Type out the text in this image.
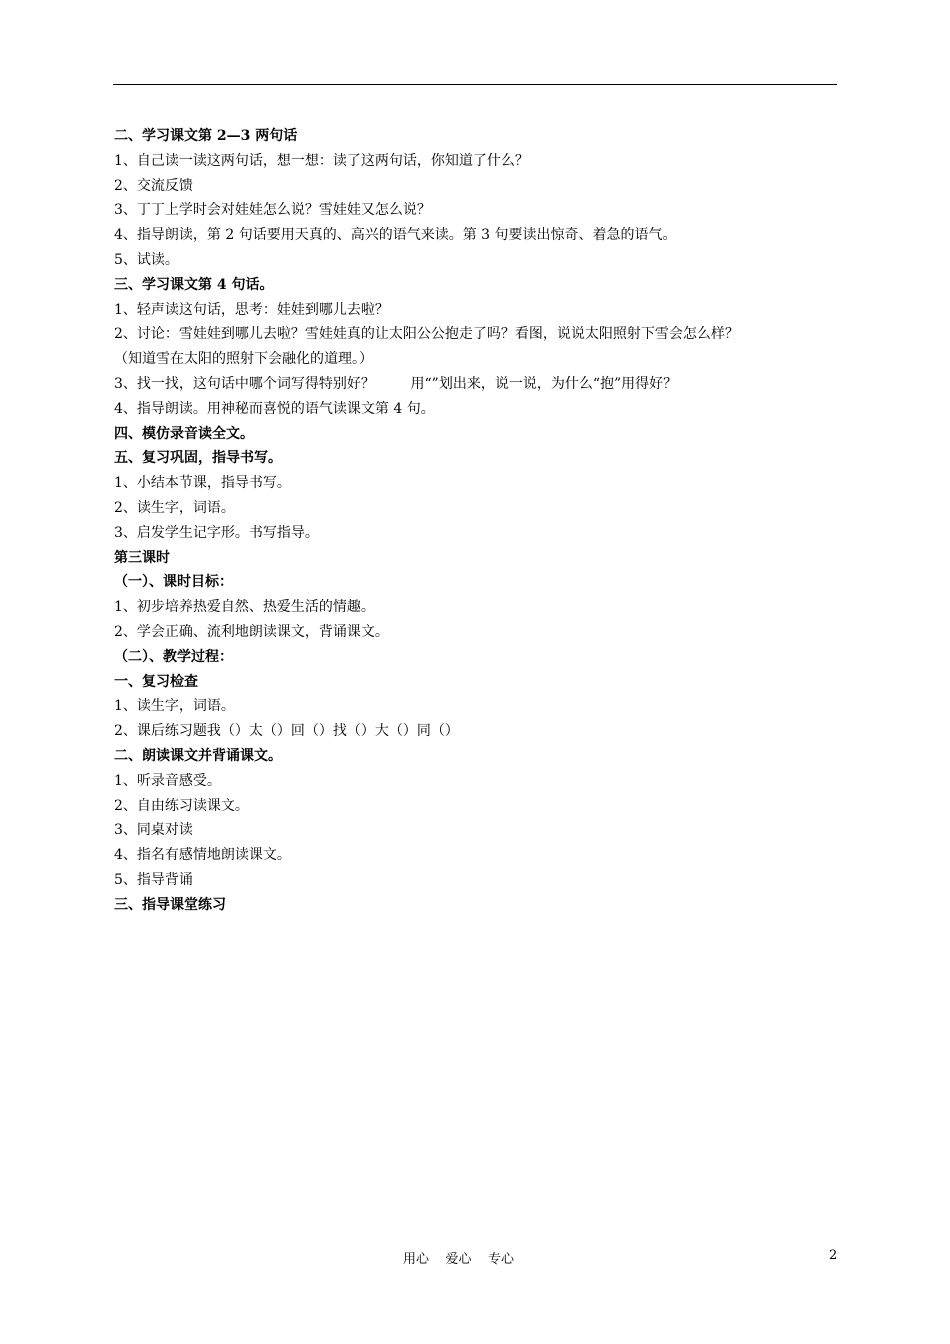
二、学习课文第 2—3 两句话
1、自己读一读这两句话，想一想：读了这两句话，你知道了什么？
2、交流反馈
3、丁丁上学时会对娃娃怎么说？雪娃娃又怎么说？
4、指导朗读，第 2 句话要用天真的、高兴的语气来读。第 3 句要读出惊奇、着急的语气。
5、试读。
三、学习课文第 4 句话。
1、轻声读这句话，思考：娃娃到哪儿去啦？
2、讨论：雪娃娃到哪儿去啦？雪娃娃真的让太阳公公抱走了吗？看图，说说太阳照射下雪会怎么样？
（知道雪在太阳的照射下会融化的道理。）
3、找一找，这句话中哪个词写得特别好？        用“”划出来，说一说，为什么“抱”用得好？
4、指导朗读。用神秘而喜悦的语气读课文第 4 句。
四、模仿录音读全文。
五、复习巩固，指导书写。
1、小结本节课，指导书写。
2、读生字，词语。
3、启发学生记字形。书写指导。
第三课时
（一）、课时目标：
1、初步培养热爱自然、热爱生活的情趣。
2、学会正确、流利地朗读课文，背诵课文。
（二）、教学过程：
一、复习检查
1、读生字，词语。
2、课后练习题我（）太（）回（）找（）大（）同（）
二、朗读课文并背诵课文。
1、听录音感受。
2、自由练习读课文。
3、同桌对读
4、指名有感情地朗读课文。
5、指导背诵
三、指导课堂练习
用心    爱心    专心	2
